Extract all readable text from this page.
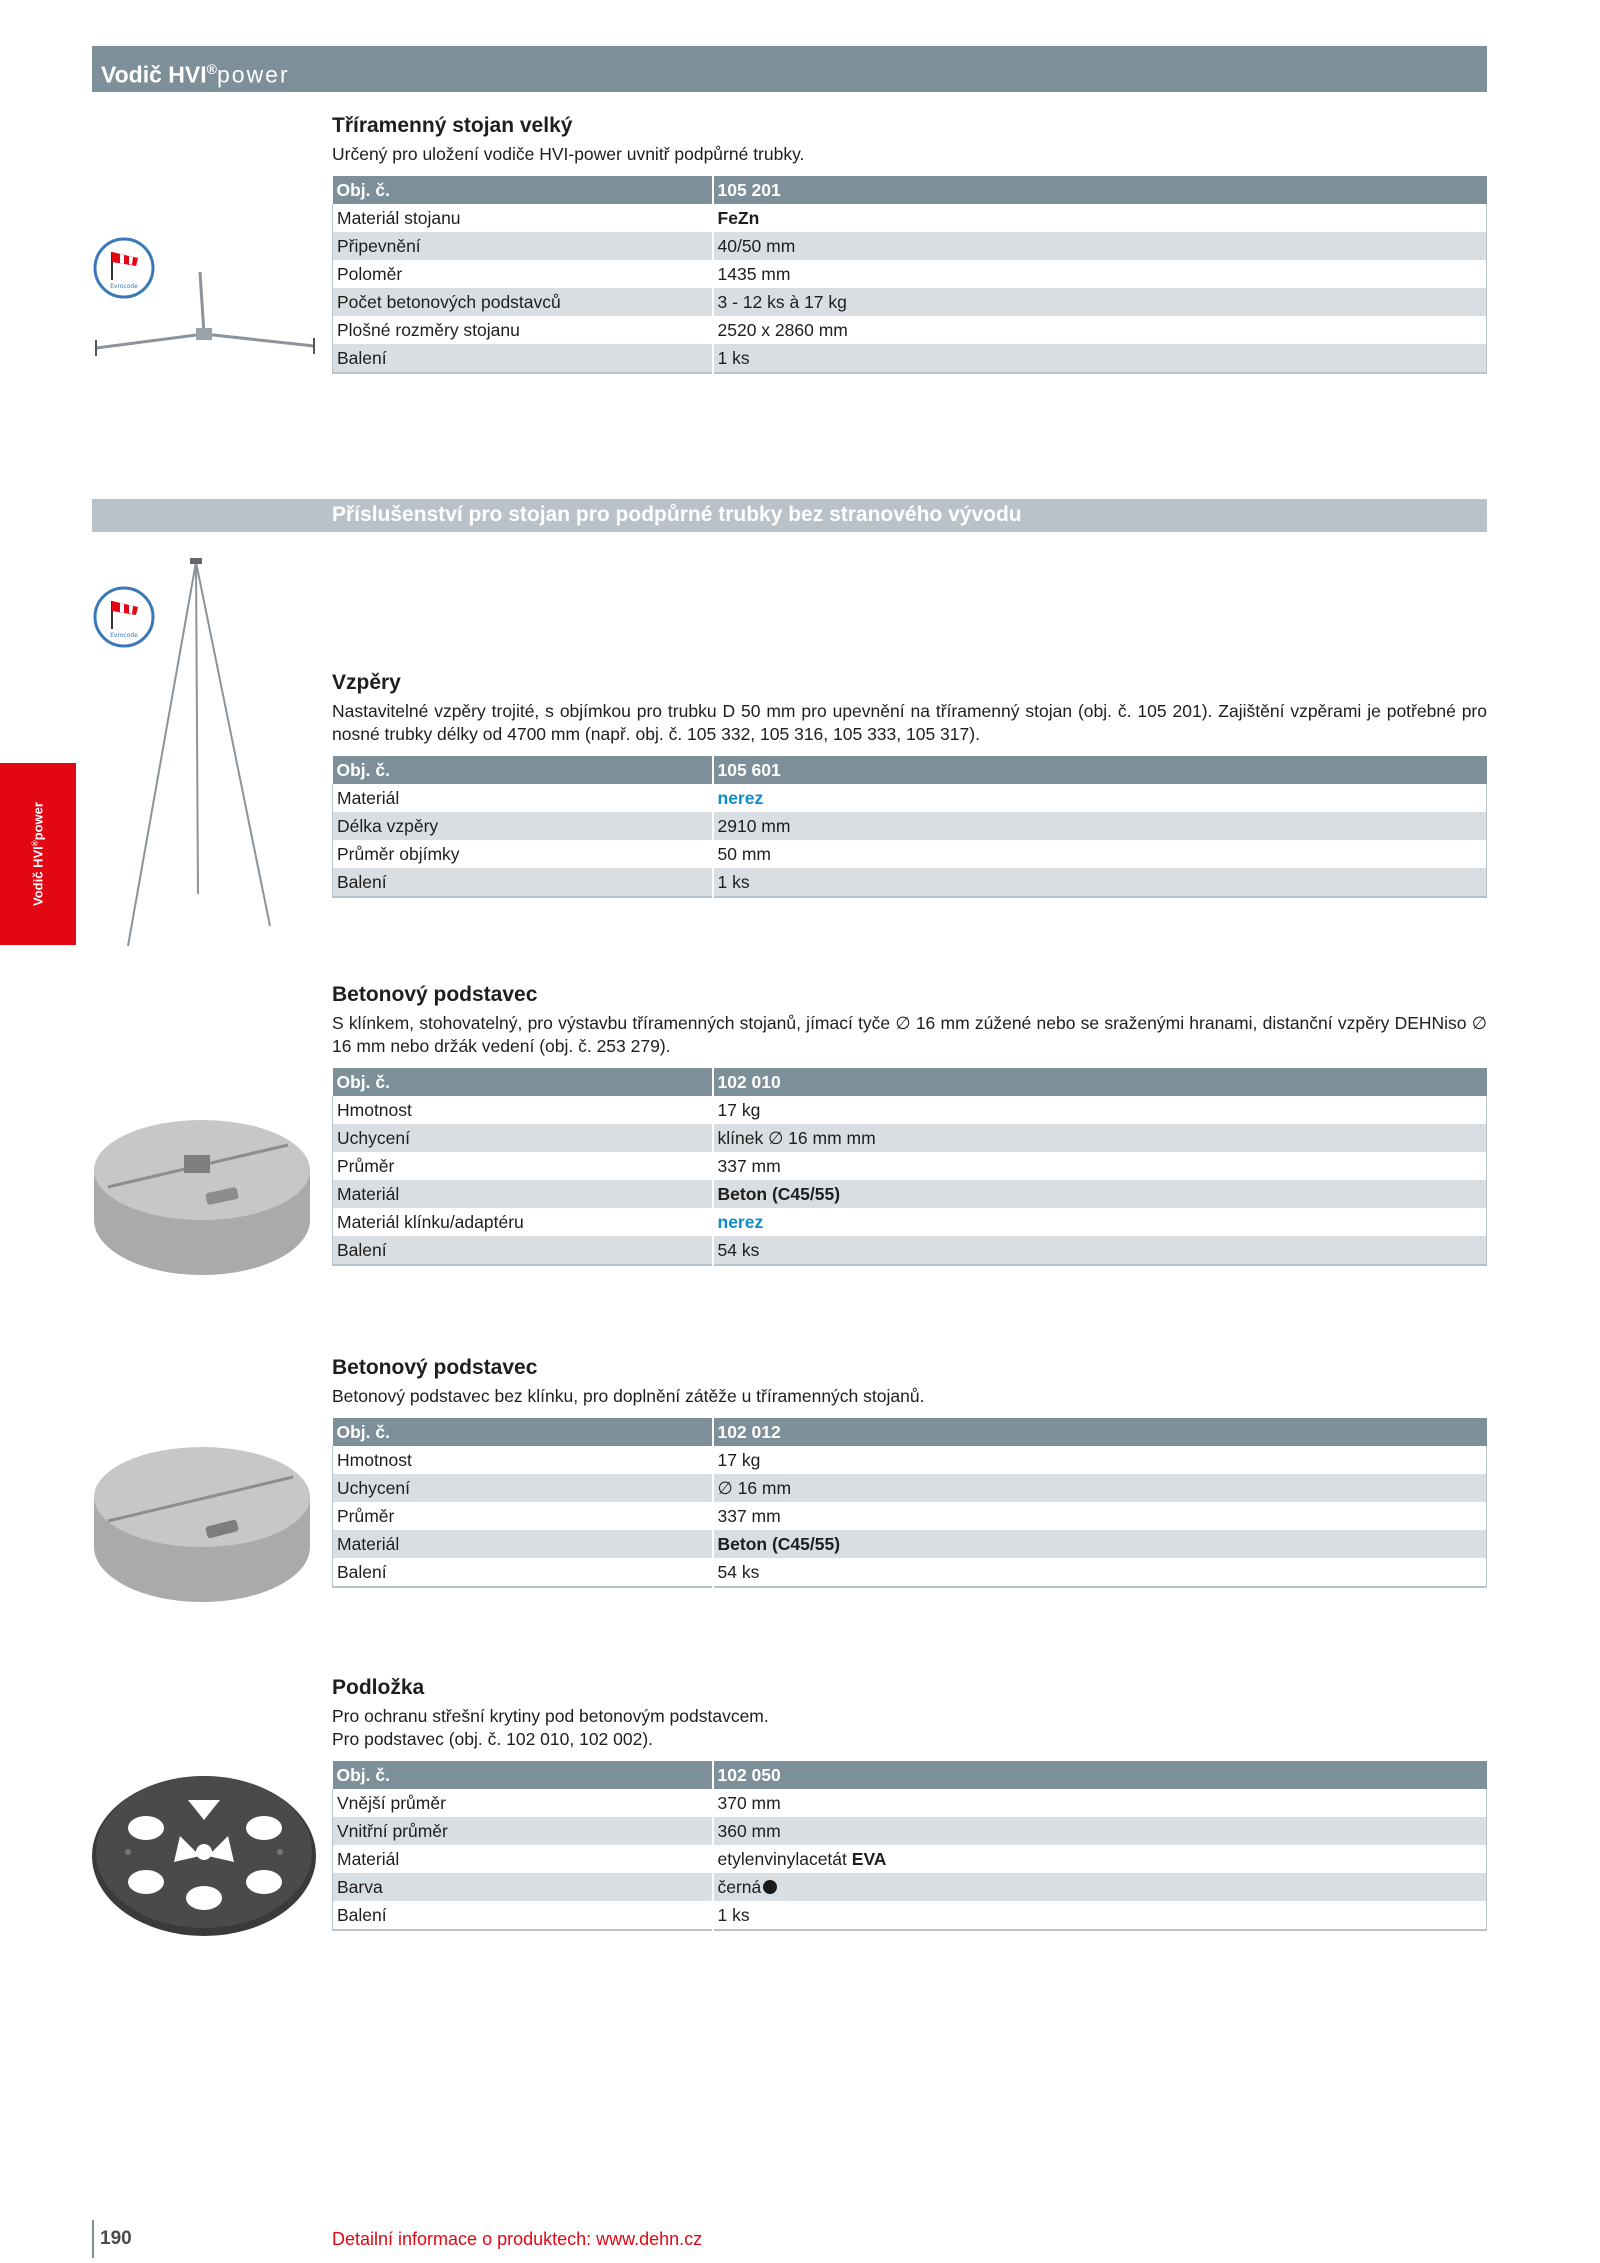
Vodič HVI®power
Vodič HVI®power
Příslušenství pro stojan pro podpůrné trubky bez stranového vývodu
Evrocode
Evrocode

Tříramenný stojan velký

Určený pro uložení vodiče HVI-power uvnitř podpůrné trubky.

Obj. č.	105 201
Materiál stojanu	FeZn
Připevnění	40/50 mm
Poloměr	1435 mm
Počet betonových podstavců	3 - 12 ks à 17 kg
Plošné rozměry stojanu	2520 x 2860 mm
Balení	1 ks

Vzpěry

Nastavitelné vzpěry trojité, s objímkou pro trubku D 50 mm pro upevnění na tříramenný stojan (obj. č. 105 201). Zajištění vzpěrami je potřebné pro nosné trubky délky od 4700 mm (např. obj. č. 105 332, 105 316, 105 333, 105 317).

Obj. č.	105 601
Materiál	nerez
Délka vzpěry	2910 mm
Průměr objímky	50 mm
Balení	1 ks

Betonový podstavec

S klínkem, stohovatelný, pro výstavbu tříramenných stojanů, jímací tyče ∅ 16 mm zúžené nebo se sraženými hranami, distanční vzpěry DEHNiso ∅ 16 mm nebo držák vedení (obj. č. 253 279).

Obj. č.	102 010
Hmotnost	17 kg
Uchycení	klínek ∅ 16 mm mm
Průměr	337 mm
Materiál	Beton (C45/55)
Materiál klínku/adaptéru	nerez
Balení	54 ks

Betonový podstavec

Betonový podstavec bez klínku, pro doplnění zátěže u tříramenných stojanů.

Obj. č.	102 012
Hmotnost	17 kg
Uchycení	∅ 16 mm
Průměr	337 mm
Materiál	Beton (C45/55)
Balení	54 ks

Podložka

Pro ochranu střešní krytiny pod betonovým podstavcem.

Pro podstavec (obj. č. 102 010, 102 002).

Obj. č.	102 050
Vnější průměr	370 mm
Vnitřní průměr	360 mm
Materiál	etylenvinylacetát EVA
Barva	černá
Balení	1 ks
190	Detailní informace o produktech: www.dehn.cz
